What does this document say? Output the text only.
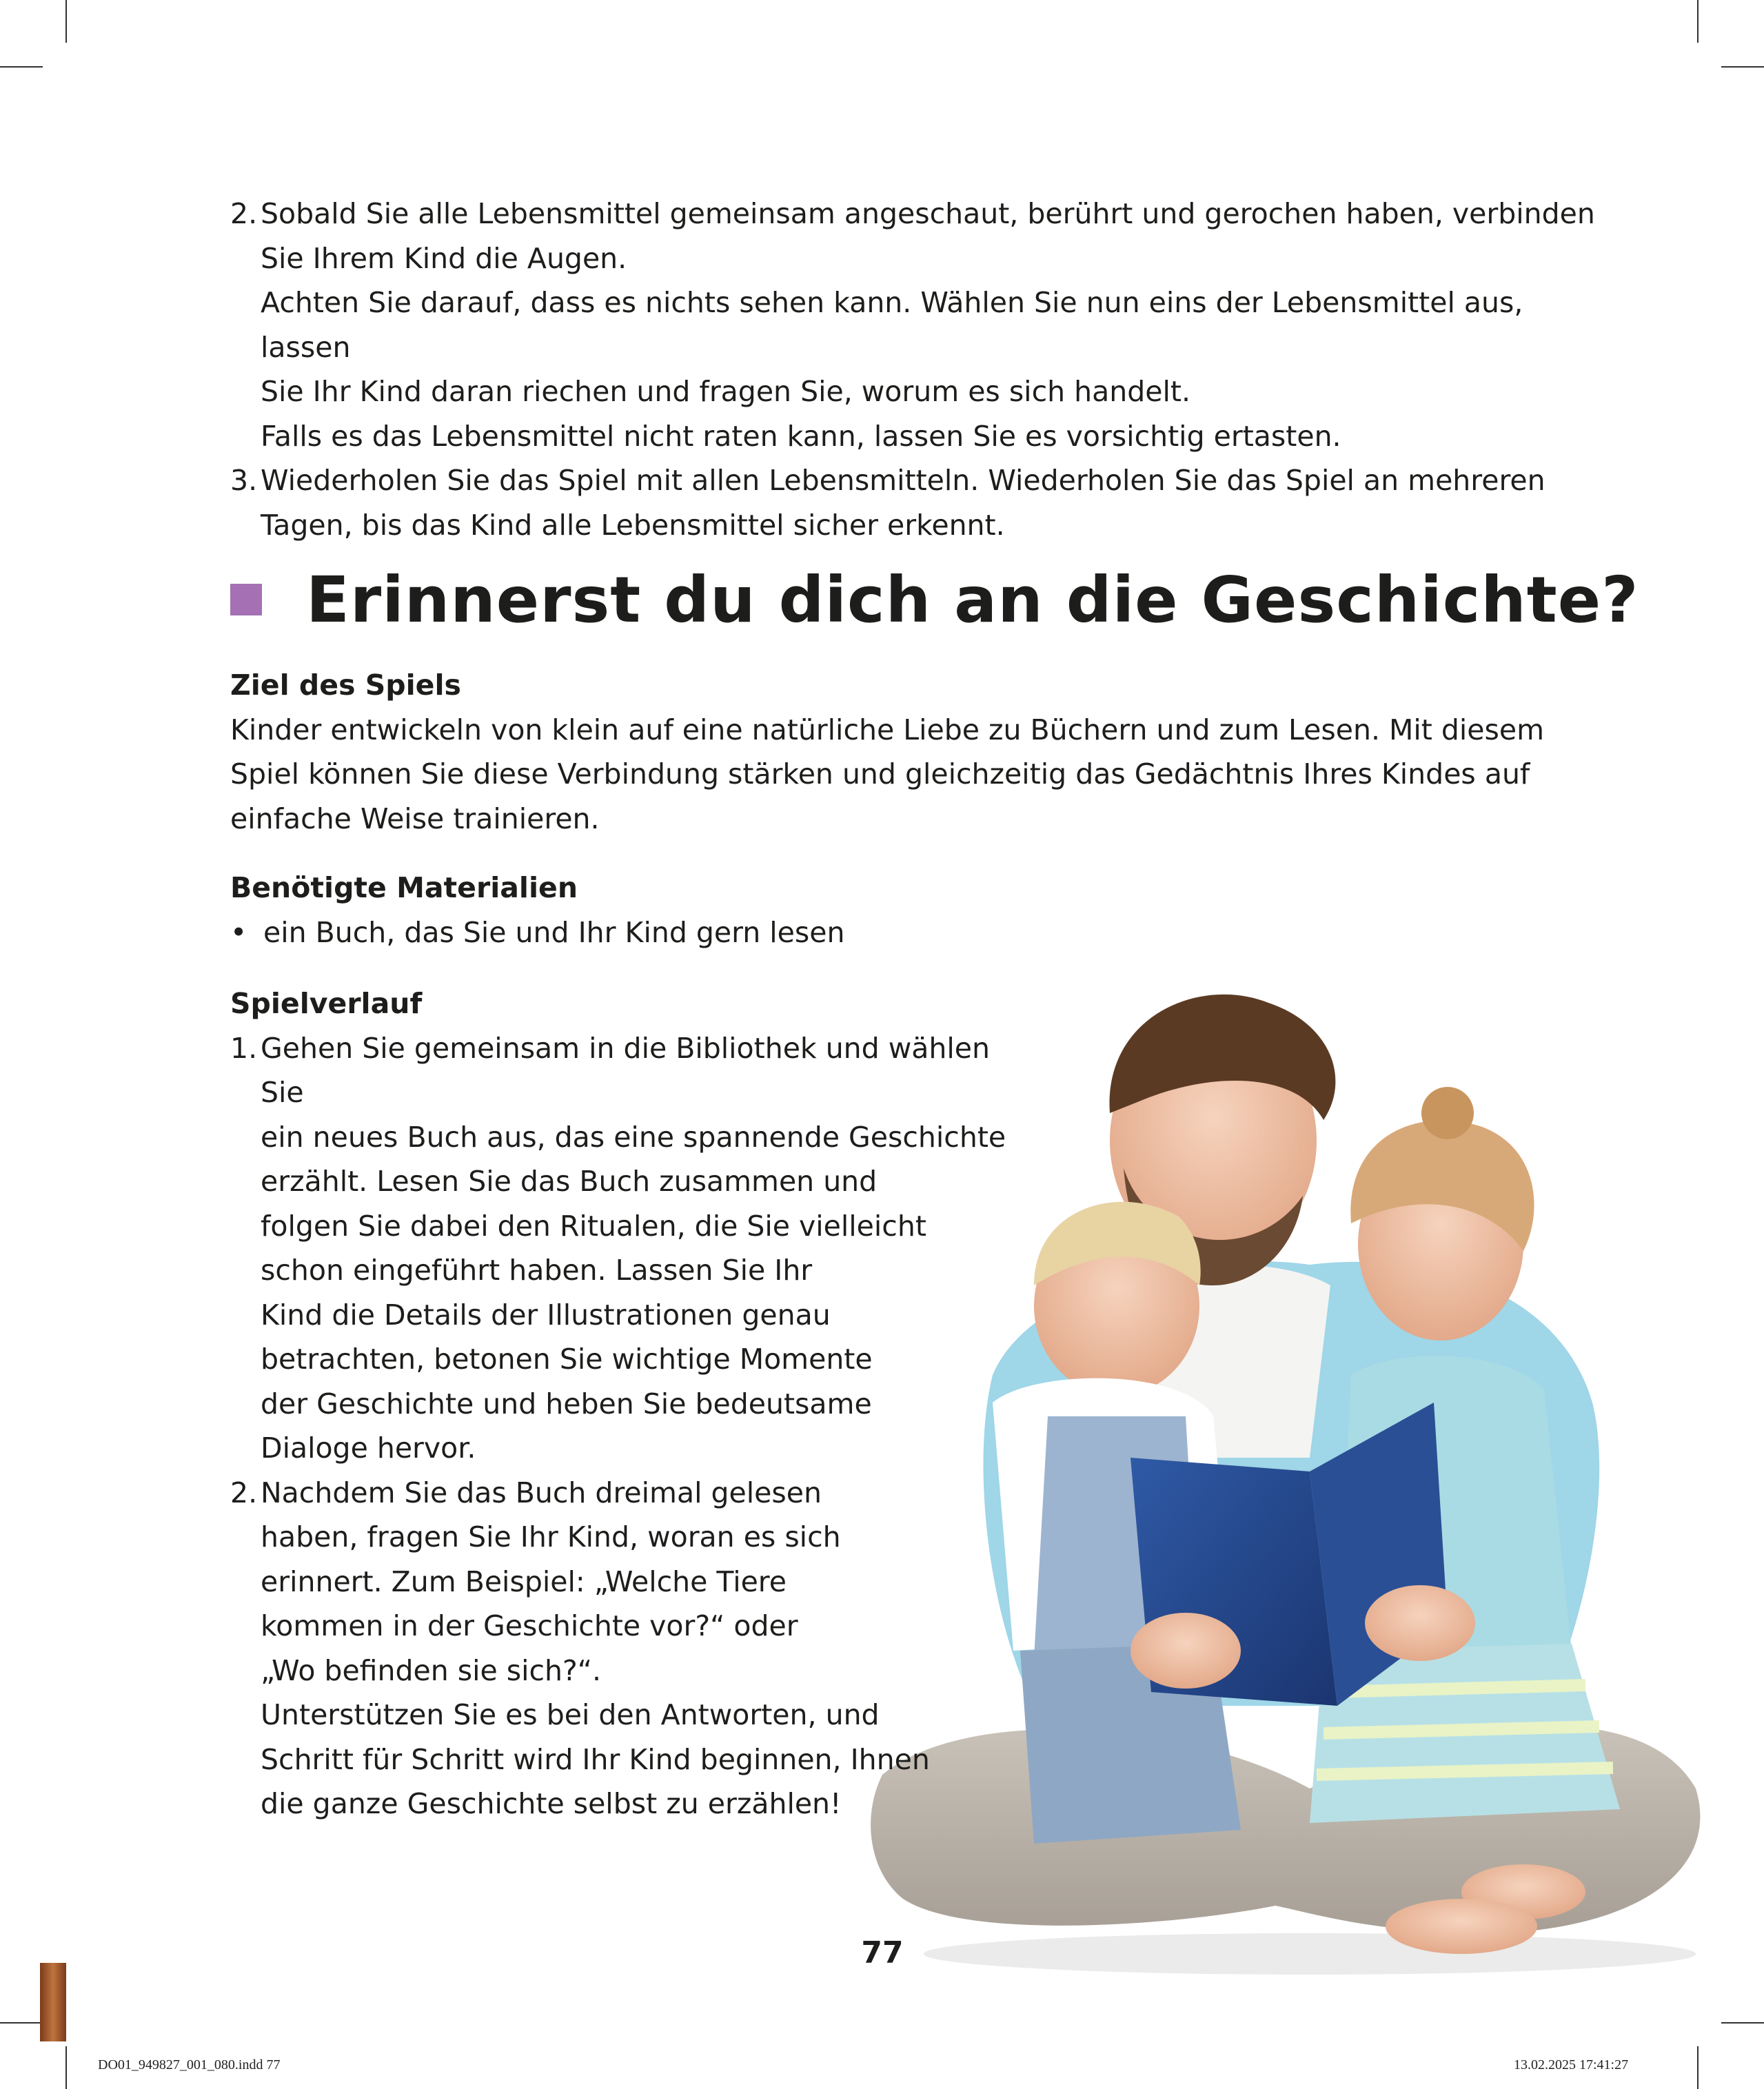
2. Sobald Sie alle Lebensmittel gemeinsam angeschaut, berührt und gerochen haben, verbinden
Sie Ihrem Kind die Augen.
Achten Sie darauf, dass es nichts sehen kann. Wählen Sie nun eins der Lebensmittel aus, lassen
Sie Ihr Kind daran riechen und fragen Sie, worum es sich handelt.
Falls es das Lebensmittel nicht raten kann, lassen Sie es vorsichtig ertasten.
3. Wiederholen Sie das Spiel mit allen Lebensmitteln. Wiederholen Sie das Spiel an mehreren
Tagen, bis das Kind alle Lebensmittel sicher erkennt.
Erinnerst du dich an die Geschichte?
Ziel des Spiels
Kinder entwickeln von klein auf eine natürliche Liebe zu Büchern und zum Lesen. Mit diesem
Spiel können Sie diese Verbindung stärken und gleichzeitig das Gedächtnis Ihres Kindes auf
einfache Weise trainieren.
Benötigte Materialien
• ein Buch, das Sie und Ihr Kind gern lesen
Spielverlauf
1. Gehen Sie gemeinsam in die Bibliothek und wählen Sie
ein neues Buch aus, das eine spannende Geschichte
erzählt. Lesen Sie das Buch zusammen und
folgen Sie dabei den Ritualen, die Sie vielleicht
schon eingeführt haben. Lassen Sie Ihr
Kind die Details der Illustrationen genau
betrachten, betonen Sie wichtige Momente
der Geschichte und heben Sie bedeutsame
Dialoge hervor.
2. Nachdem Sie das Buch dreimal gelesen
haben, fragen Sie Ihr Kind, woran es sich
erinnert. Zum Beispiel: „Welche Tiere
kommen in der Geschichte vor?“ oder
„Wo befinden sie sich?“.
Unterstützen Sie es bei den Antworten, und
Schritt für Schritt wird Ihr Kind beginnen, Ihnen
die ganze Geschichte selbst zu erzählen!
77
DO01_949827_001_080.indd 77	13.02.2025 17:41:27
